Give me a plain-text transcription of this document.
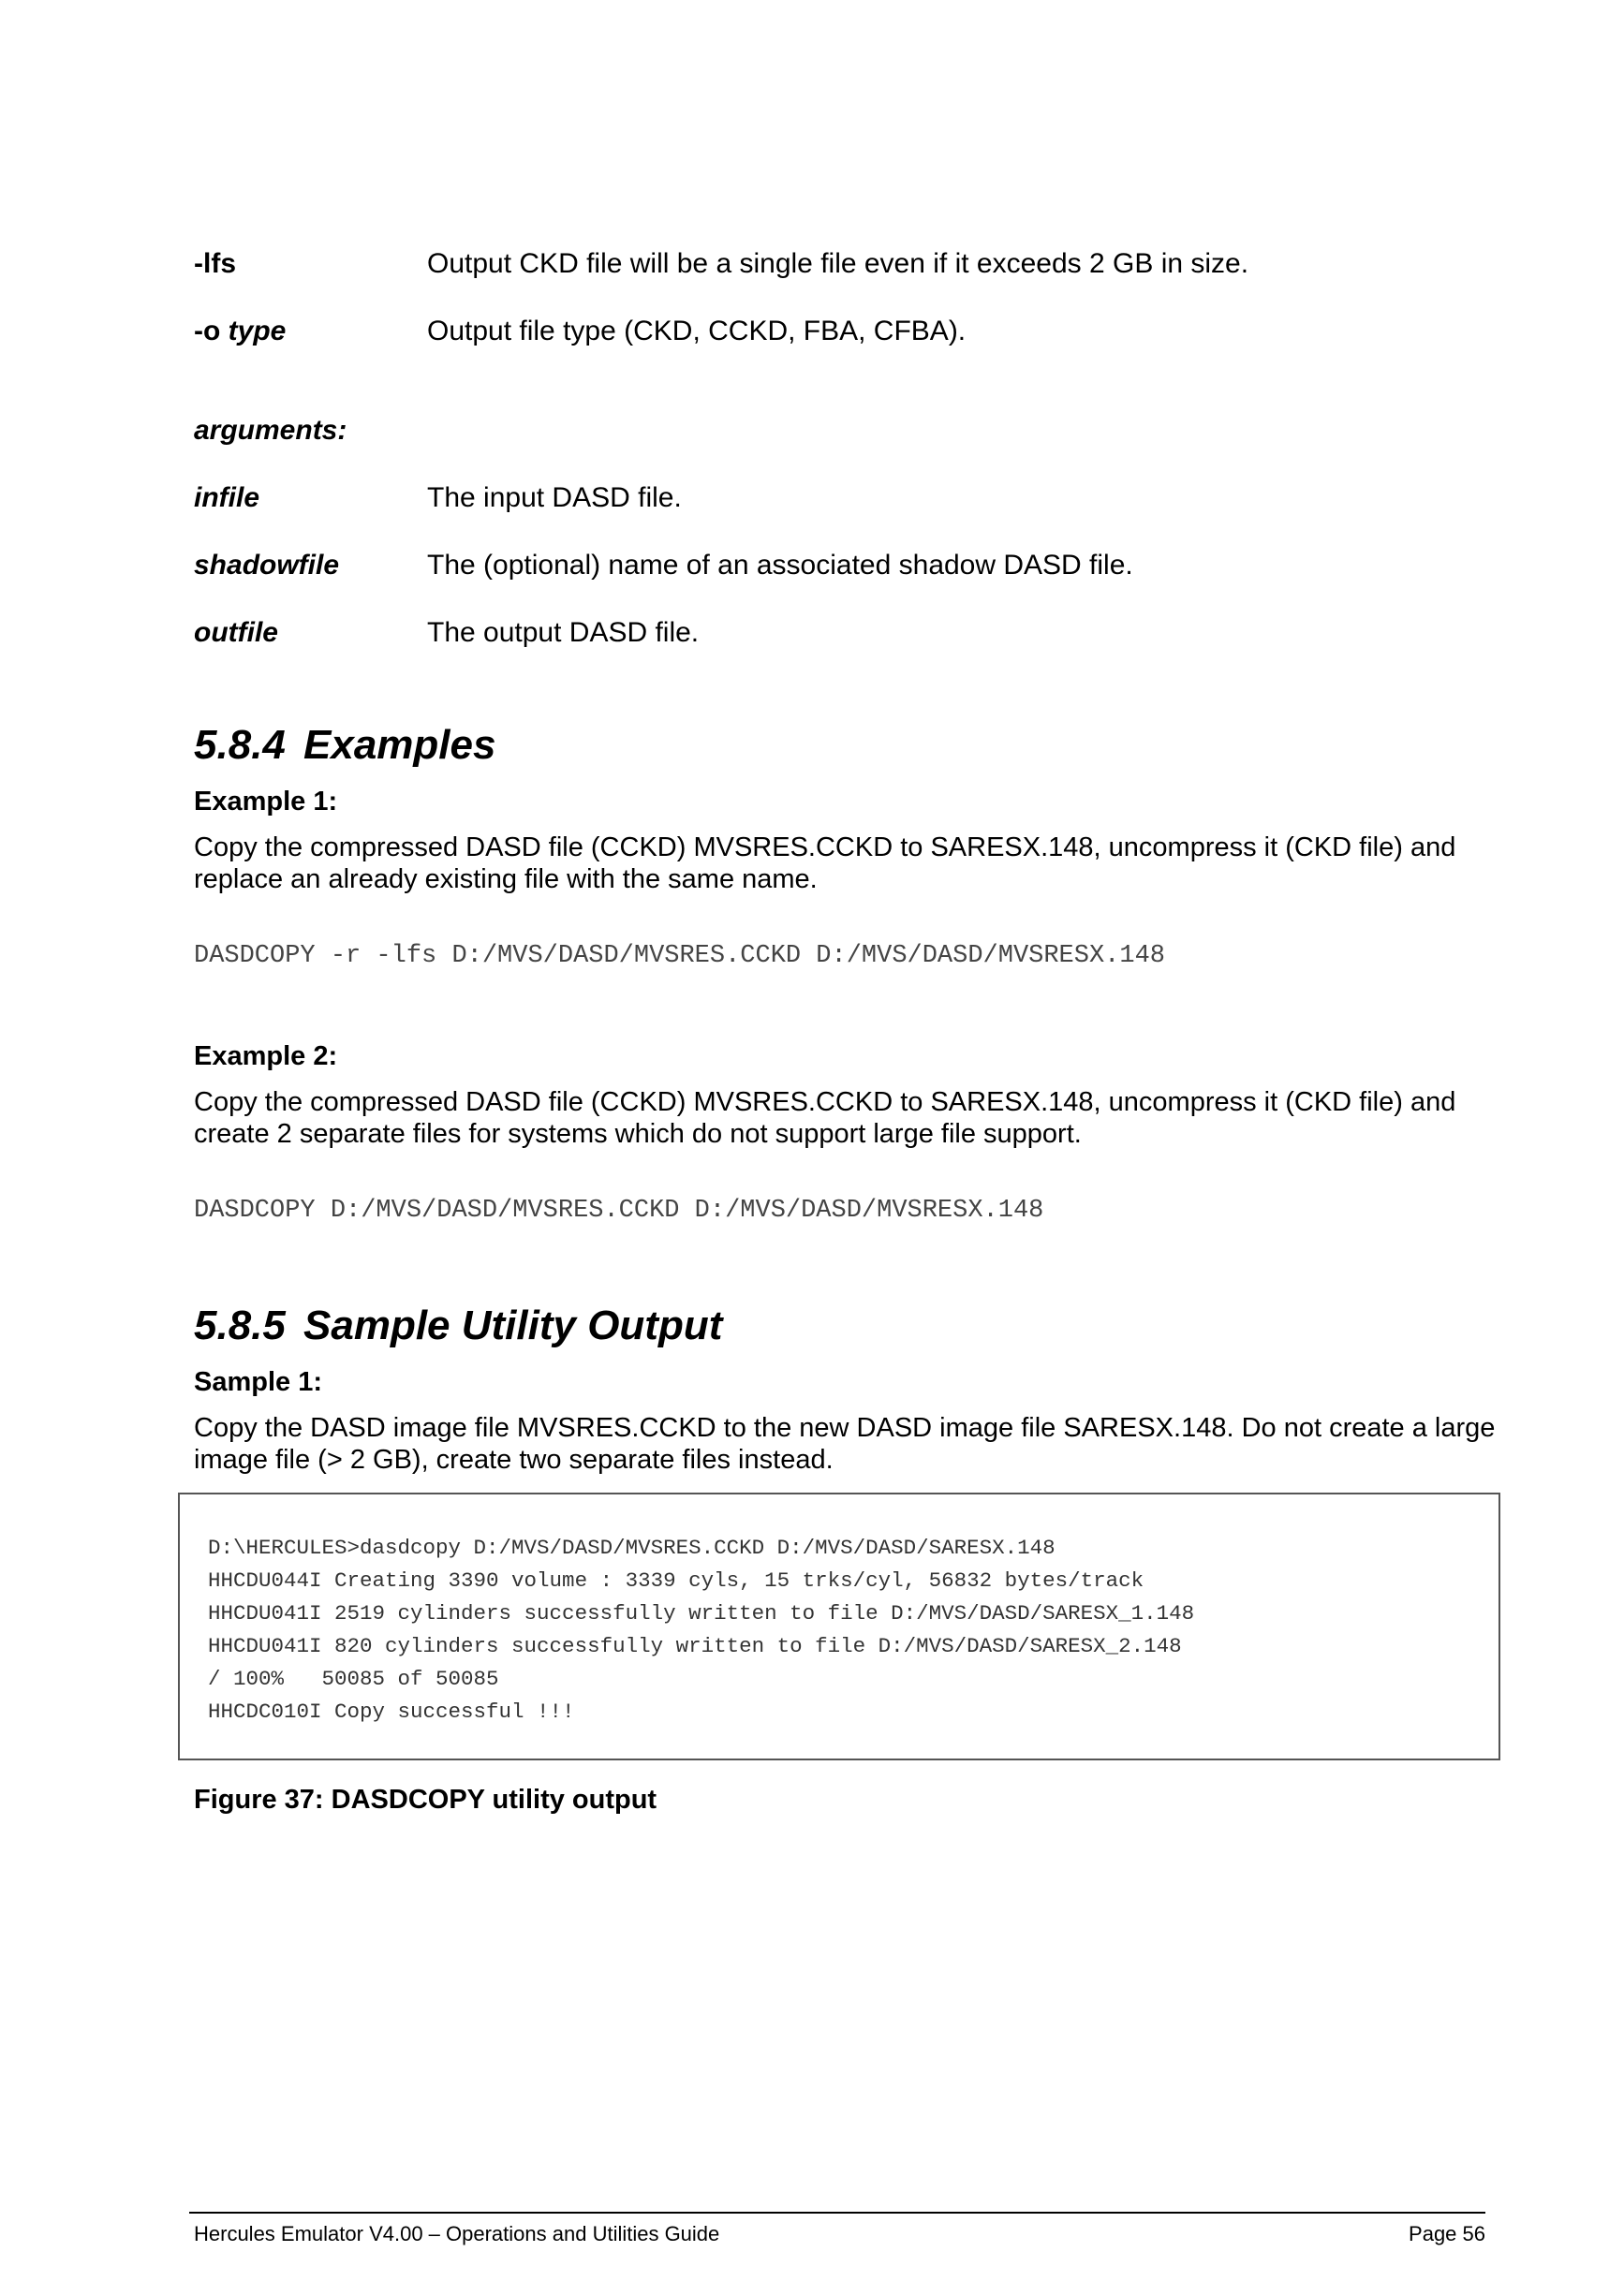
-lfs	Output CKD file will be a single file even if it exceeds 2 GB in size.
-o type	Output file type (CKD, CCKD, FBA, CFBA).
arguments:
infile	The input DASD file.
shadowfile	The (optional) name of an associated shadow DASD file.
outfile	The output DASD file.
5.8.4 Examples
Example 1:
Copy the compressed DASD file (CCKD) MVSRES.CCKD to SARESX.148, uncompress it (CKD file) and replace an already existing file with the same name.
DASDCOPY -r -lfs D:/MVS/DASD/MVSRES.CCKD D:/MVS/DASD/MVSRESX.148
Example 2:
Copy the compressed DASD file (CCKD) MVSRES.CCKD to SARESX.148, uncompress it (CKD file) and create 2 separate files for systems which do not support large file support.
DASDCOPY D:/MVS/DASD/MVSRES.CCKD D:/MVS/DASD/MVSRESX.148
5.8.5 Sample Utility Output
Sample 1:
Copy the DASD image file MVSRES.CCKD to the new DASD image file SARESX.148. Do not create a large image file (> 2 GB), create two separate files instead.
D:\HERCULES>dasdcopy D:/MVS/DASD/MVSRES.CCKD D:/MVS/DASD/SARESX.148
HHCDU044I Creating 3390 volume : 3339 cyls, 15 trks/cyl, 56832 bytes/track
HHCDU041I 2519 cylinders successfully written to file D:/MVS/DASD/SARESX_1.148
HHCDU041I 820 cylinders successfully written to file D:/MVS/DASD/SARESX_2.148
/ 100%   50085 of 50085
HHCDC010I Copy successful !!!
Figure 37: DASDCOPY utility output
Hercules Emulator V4.00 – Operations and Utilities Guide	Page 56
